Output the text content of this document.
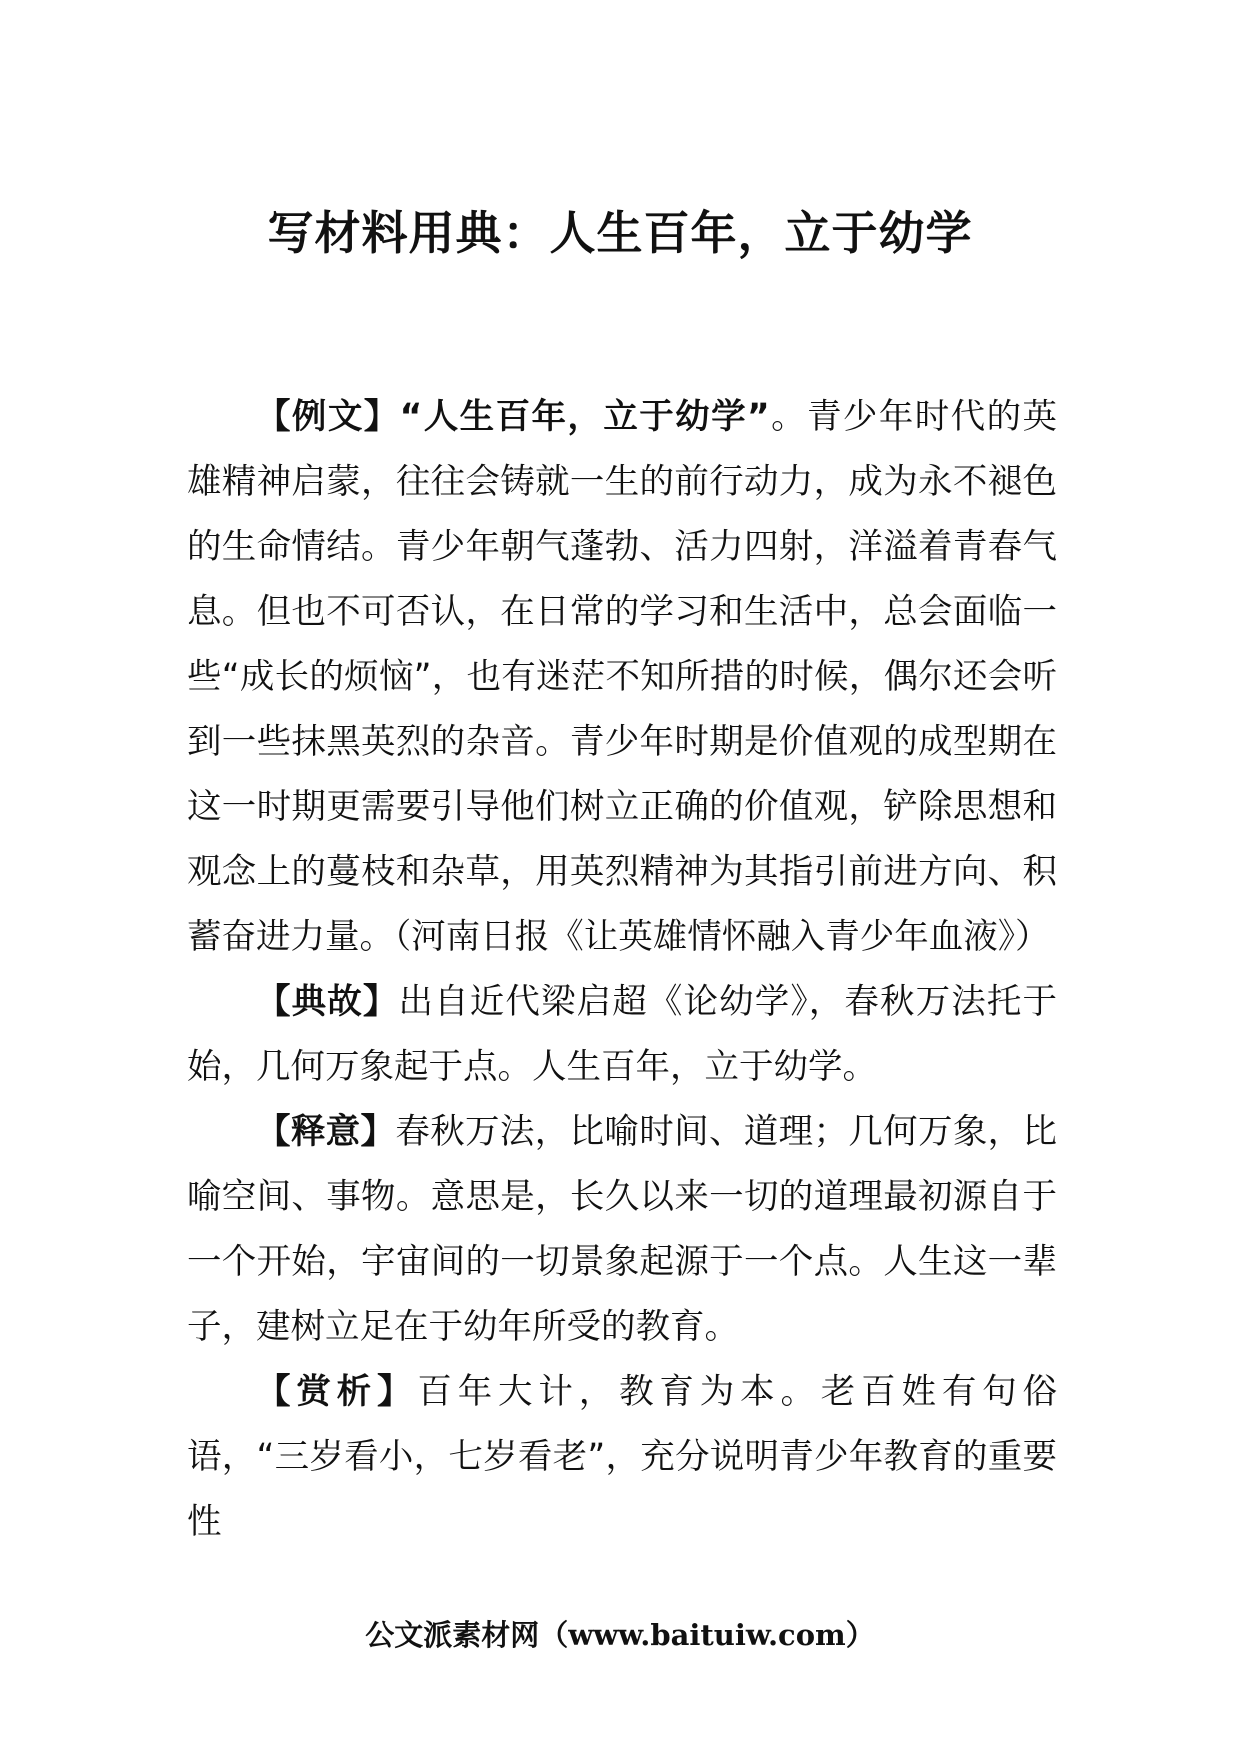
写材料用典：人生百年，立于幼学

【例文】“人生百年，立于幼学”。青少年时代的英雄精神启蒙，往往会铸就一生的前行动力，成为永不褪色的生命情结。青少年朝气蓬勃、活力四射，洋溢着青春气息。但也不可否认，在日常的学习和生活中，总会面临一些“成长的烦恼”，也有迷茫不知所措的时候，偶尔还会听到一些抹黑英烈的杂音。青少年时期是价值观的成型期在这一时期更需要引导他们树立正确的价值观，铲除思想和观念上的蔓枝和杂草，用英烈精神为其指引前进方向、积蓄奋进力量。（河南日报《让英雄情怀融入青少年血液》）

【典故】出自近代梁启超《论幼学》，春秋万法托于始，几何万象起于点。人生百年，立于幼学。

【释意】春秋万法，比喻时间、道理；几何万象，比喻空间、事物。意思是，长久以来一切的道理最初源自于一个开始，宇宙间的一切景象起源于一个点。人生这一辈子，建树立足在于幼年所受的教育。

【赏析】百年大计，教育为本。老百姓有句俗语，“三岁看小，七岁看老”，充分说明青少年教育的重要性

公文派素材网（www.baituiw.com）
